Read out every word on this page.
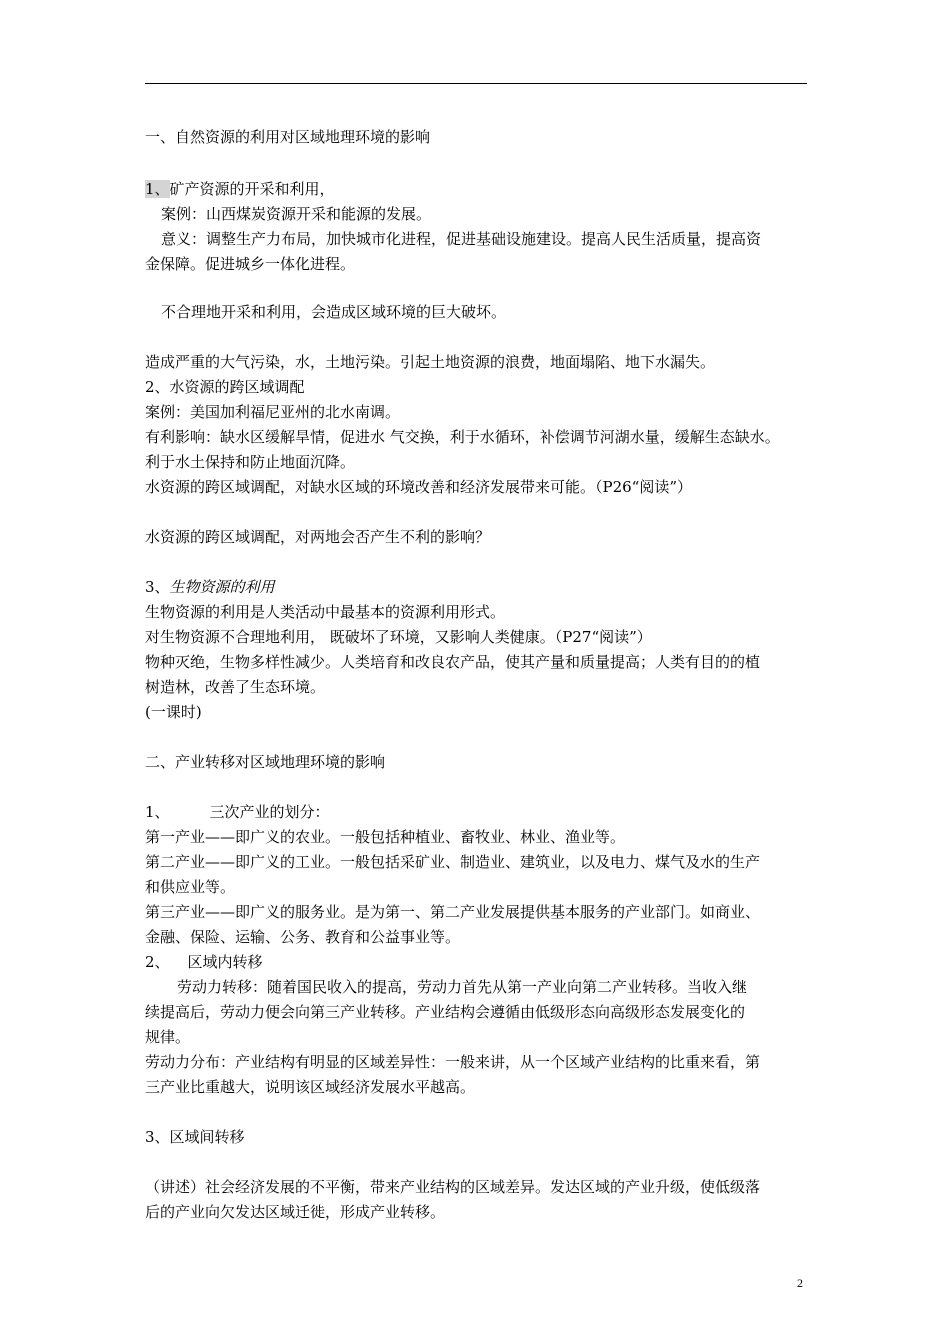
一、自然资源的利用对区域地理环境的影响
1、矿产资源的开采和利用，
案例：山西煤炭资源开采和能源的发展。
意义：调整生产力布局，加快城市化进程，促进基础设施建设。提高人民生活质量，提高资
金保障。促进城乡一体化进程。
不合理地开采和利用，会造成区域环境的巨大破坏。
造成严重的大气污染，水，土地污染。引起土地资源的浪费，地面塌陷、地下水漏失。
2、水资源的跨区域调配
案例：美国加利福尼亚州的北水南调。
有利影响：缺水区缓解旱情，促进水 气交换，利于水循环，补偿调节河湖水量，缓解生态缺水。
利于水土保持和防止地面沉降。
水资源的跨区域调配，对缺水区域的环境改善和经济发展带来可能。（P26“阅读”）
水资源的跨区域调配，对两地会否产生不利的影响？
3、生物资源的利用
生物资源的利用是人类活动中最基本的资源利用形式。
对生物资源不合理地利用， 既破坏了环境，又影响人类健康。（P27“阅读”）
物种灭绝，生物多样性减少。人类培育和改良农产品，使其产量和质量提高；人类有目的的植
树造林，改善了生态环境。
(一课时)
二、产业转移对区域地理环境的影响
1、	三次产业的划分：
第一产业——即广义的农业。一般包括种植业、畜牧业、林业、渔业等。
第二产业——即广义的工业。一般包括采矿业、制造业、建筑业，以及电力、煤气及水的生产
和供应业等。
第三产业——即广义的服务业。是为第一、第二产业发展提供基本服务的产业部门。如商业、
金融、保险、运输、公务、教育和公益事业等。
2、 区域内转移
劳动力转移：随着国民收入的提高，劳动力首先从第一产业向第二产业转移。当收入继
续提高后，劳动力便会向第三产业转移。产业结构会遵循由低级形态向高级形态发展变化的
规律。
劳动力分布：产业结构有明显的区域差异性：一般来讲，从一个区域产业结构的比重来看，第
三产业比重越大，说明该区域经济发展水平越高。
3、区域间转移
（讲述）社会经济发展的不平衡，带来产业结构的区域差异。发达区域的产业升级，使低级落
后的产业向欠发达区域迁徙，形成产业转移。
2
